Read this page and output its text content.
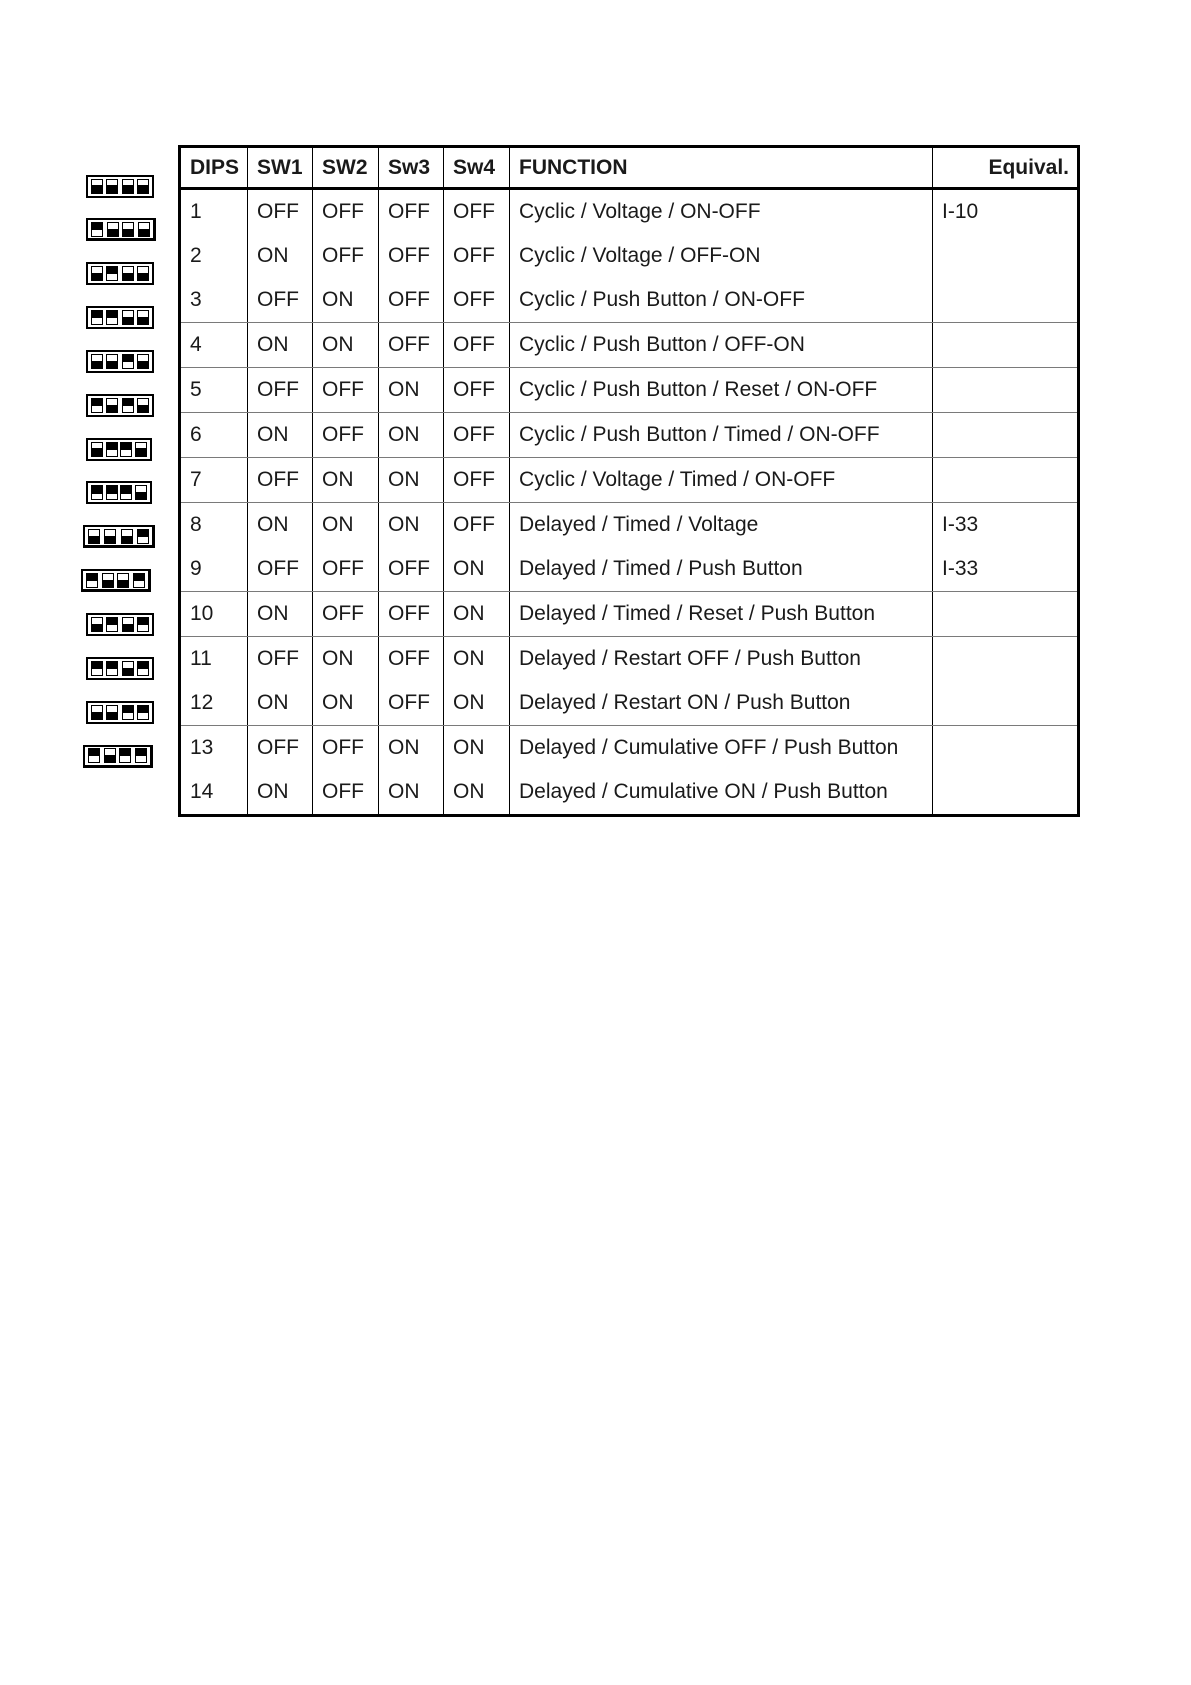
DIPS	SW1	SW2	Sw3	Sw4	FUNCTION	Equival.
1	OFF	OFF	OFF	OFF	Cyclic / Voltage / ON-OFF	I-10
2	ON	OFF	OFF	OFF	Cyclic / Voltage / OFF-ON	
3	OFF	ON	OFF	OFF	Cyclic / Push Button / ON-OFF	
4	ON	ON	OFF	OFF	Cyclic / Push Button / OFF-ON	
5	OFF	OFF	ON	OFF	Cyclic / Push Button / Reset / ON-OFF	
6	ON	OFF	ON	OFF	Cyclic / Push Button / Timed / ON-OFF	
7	OFF	ON	ON	OFF	Cyclic / Voltage / Timed / ON-OFF	
8	ON	ON	ON	OFF	Delayed / Timed / Voltage	I-33
9	OFF	OFF	OFF	ON	Delayed / Timed / Push Button	I-33
10	ON	OFF	OFF	ON	Delayed / Timed / Reset / Push Button	
11	OFF	ON	OFF	ON	Delayed / Restart OFF / Push Button	
12	ON	ON	OFF	ON	Delayed / Restart ON / Push Button	
13	OFF	OFF	ON	ON	Delayed / Cumulative OFF / Push Button	
14	ON	OFF	ON	ON	Delayed / Cumulative ON / Push Button	
